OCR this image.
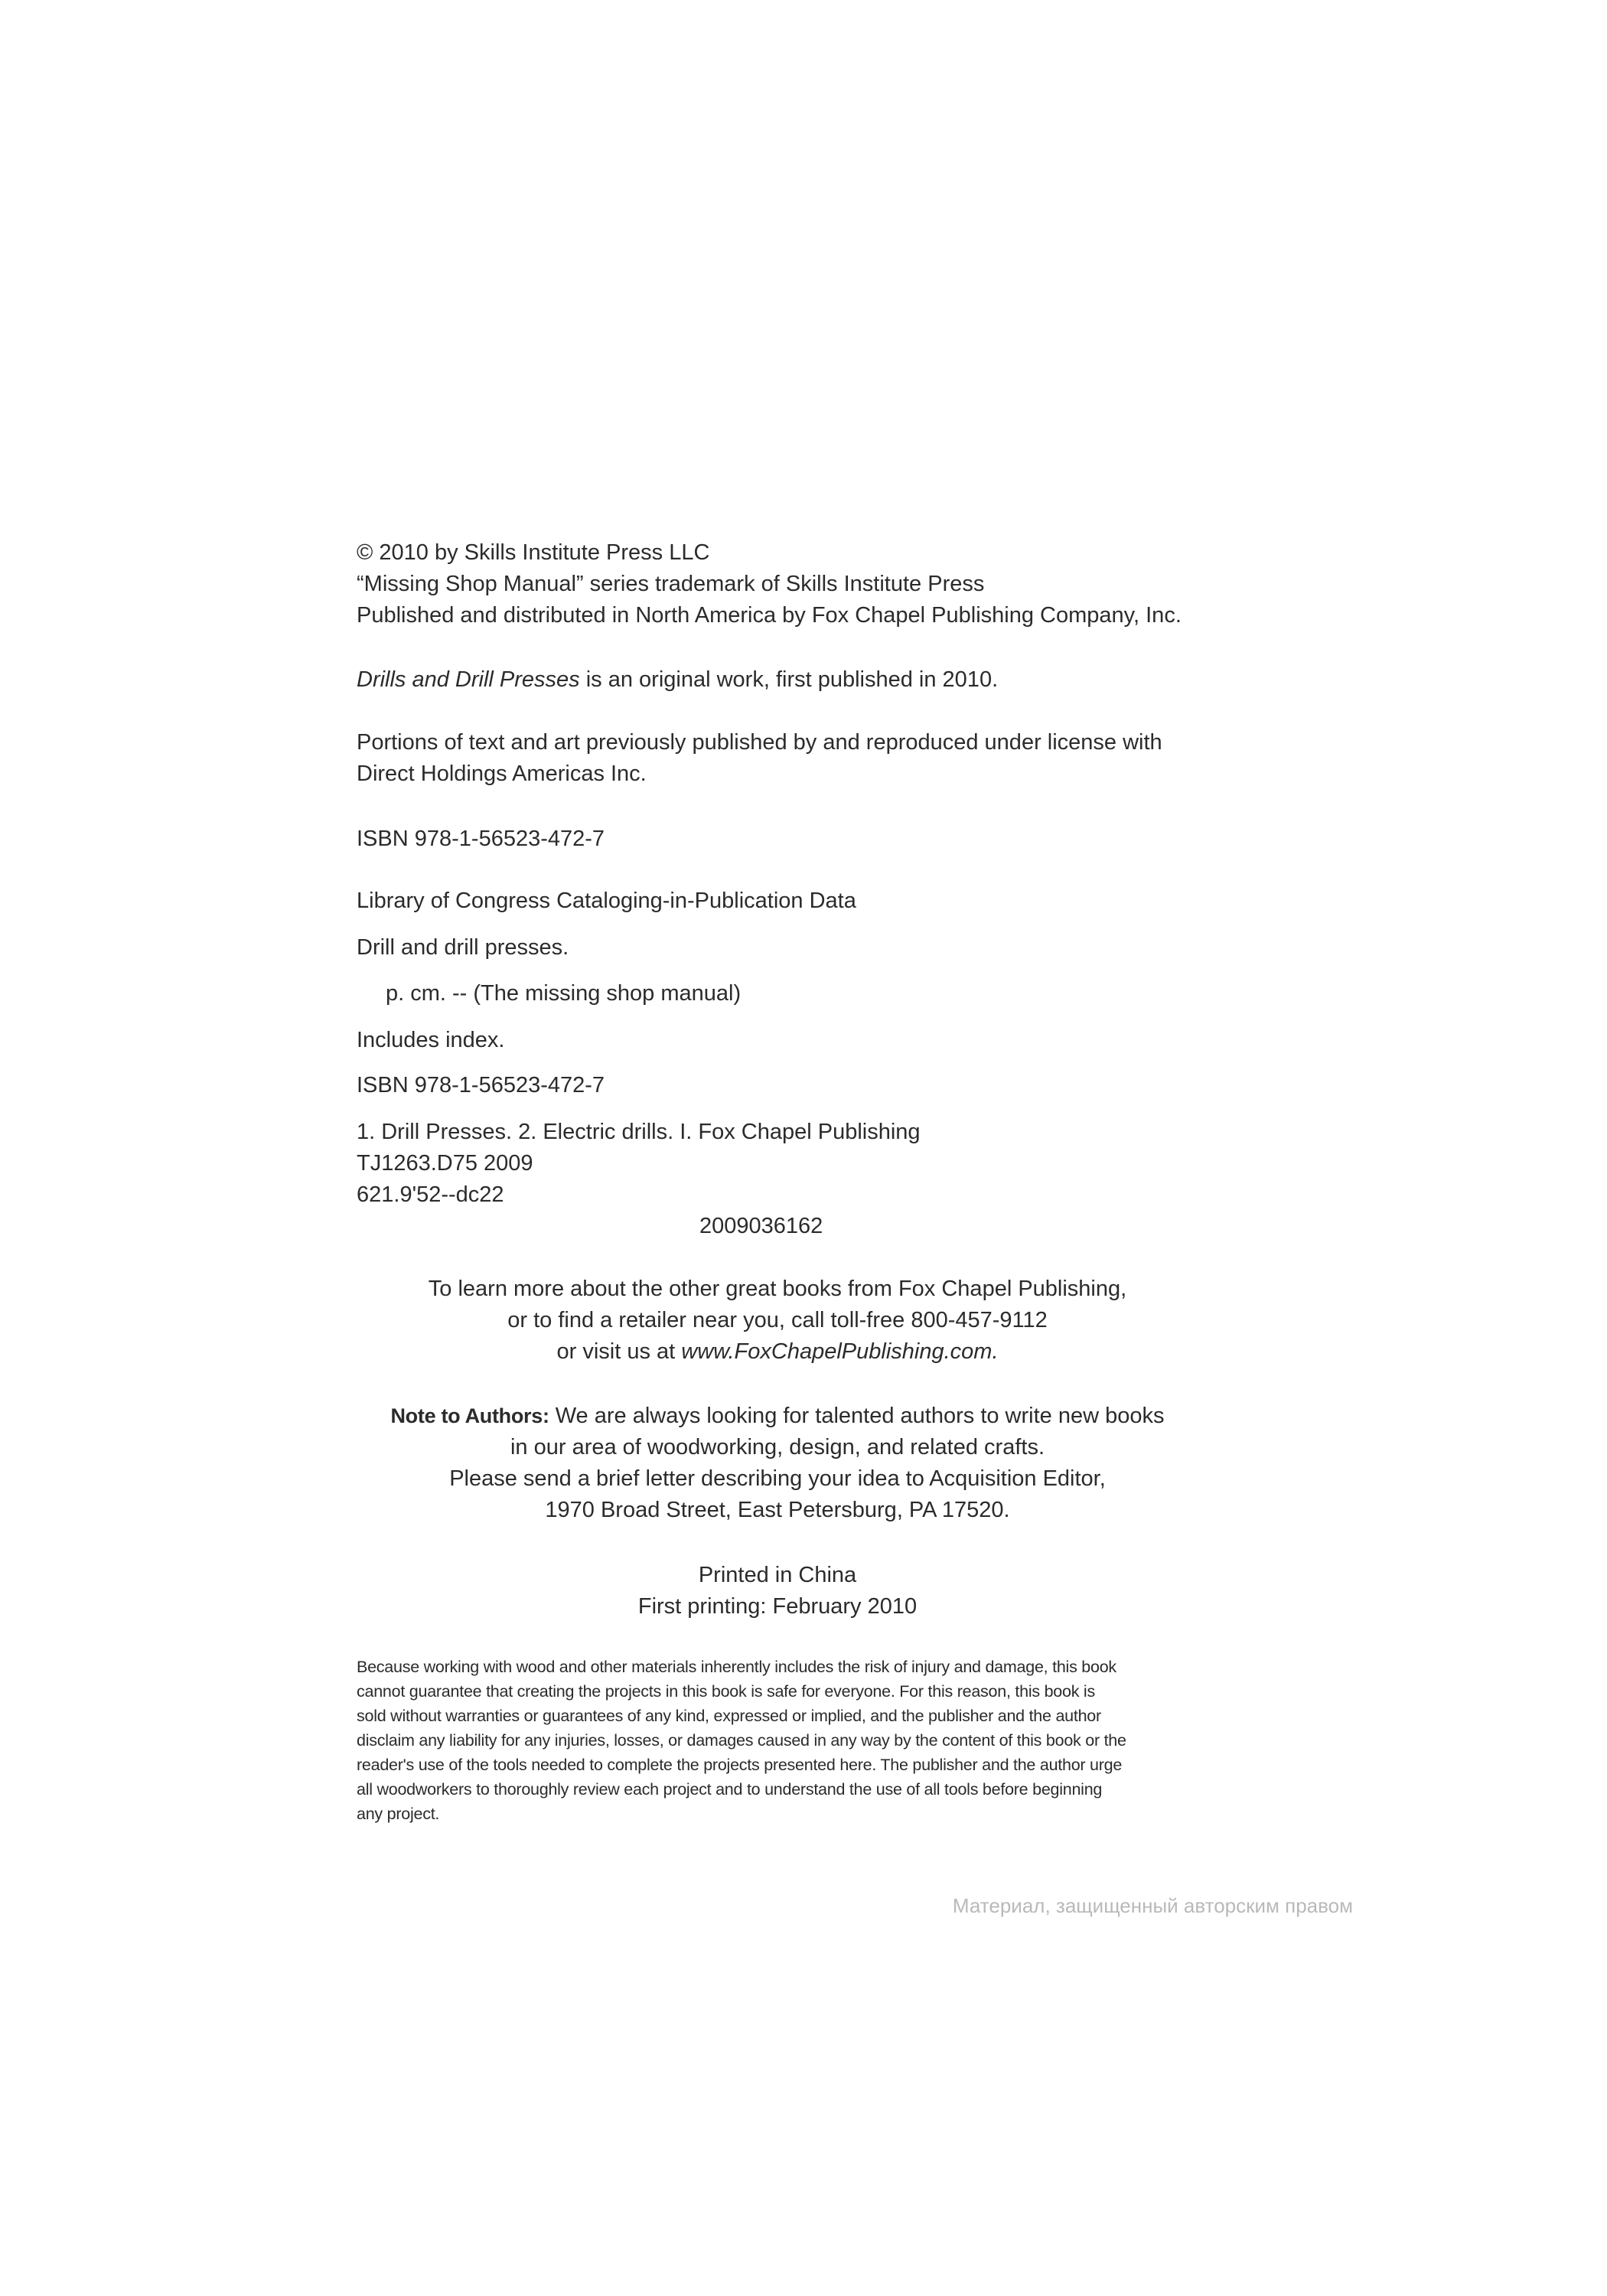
© 2010 by Skills Institute Press LLC
“Missing Shop Manual” series trademark of Skills Institute Press
Published and distributed in North America by Fox Chapel Publishing Company, Inc.
Drills and Drill Presses is an original work, first published in 2010.
Portions of text and art previously published by and reproduced under license with
Direct Holdings Americas Inc.
ISBN 978-1-56523-472-7
Library of Congress Cataloging-in-Publication Data
Drill and drill presses.
p. cm. -- (The missing shop manual)
Includes index.
ISBN 978-1-56523-472-7
1. Drill Presses. 2. Electric drills. I. Fox Chapel Publishing
TJ1263.D75 2009
621.9'52--dc22
2009036162
To learn more about the other great books from Fox Chapel Publishing,
or to find a retailer near you, call toll-free 800-457-9112
or visit us at www.FoxChapelPublishing.com.
Note to Authors: We are always looking for talented authors to write new books
in our area of woodworking, design, and related crafts.
Please send a brief letter describing your idea to Acquisition Editor,
1970 Broad Street, East Petersburg, PA 17520.
Printed in China
First printing: February 2010
Because working with wood and other materials inherently includes the risk of injury and damage, this book
cannot guarantee that creating the projects in this book is safe for everyone. For this reason, this book is
sold without warranties or guarantees of any kind, expressed or implied, and the publisher and the author
disclaim any liability for any injuries, losses, or damages caused in any way by the content of this book or the
reader's use of the tools needed to complete the projects presented here. The publisher and the author urge
all woodworkers to thoroughly review each project and to understand the use of all tools before beginning
any project.
Материал, защищенный авторским правом
